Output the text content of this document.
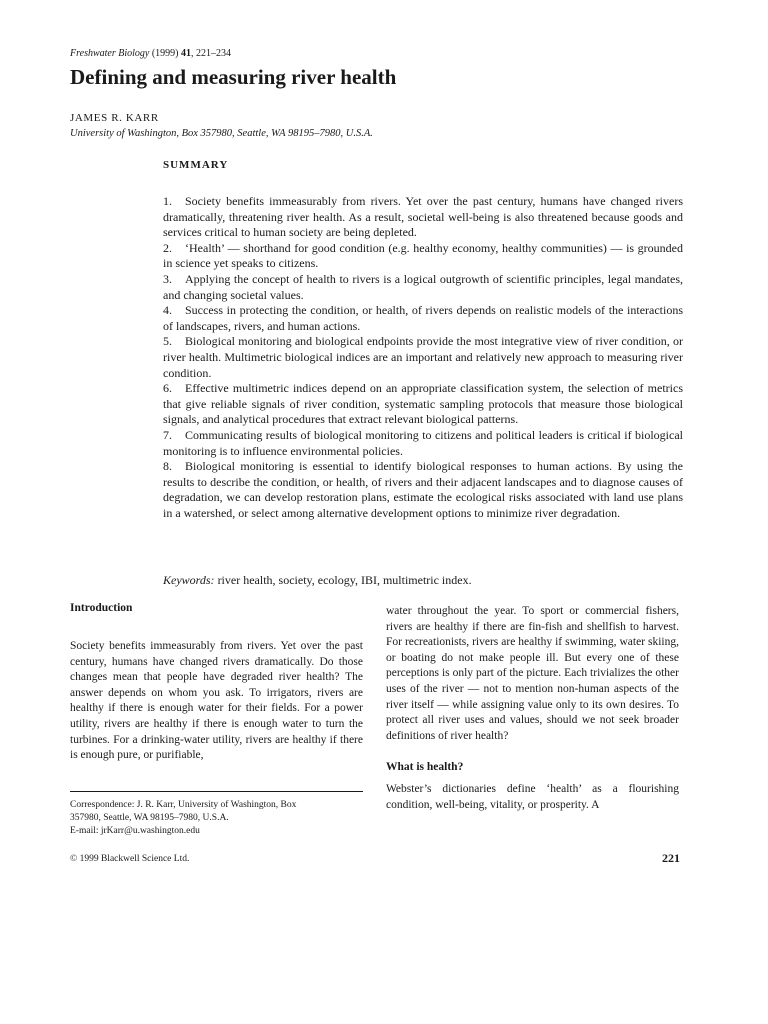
Freshwater Biology (1999) 41, 221–234
Defining and measuring river health
JAMES R. KARR
University of Washington, Box 357980, Seattle, WA 98195–7980, U.S.A.
SUMMARY

1. Society benefits immeasurably from rivers. Yet over the past century, humans have changed rivers dramatically, threatening river health. As a result, societal well-being is also threatened because goods and services critical to human society are being depleted.

2. ‘Health’ — shorthand for good condition (e.g. healthy economy, healthy communities) — is grounded in science yet speaks to citizens.

3. Applying the concept of health to rivers is a logical outgrowth of scientific principles, legal mandates, and changing societal values.

4. Success in protecting the condition, or health, of rivers depends on realistic models of the interactions of landscapes, rivers, and human actions.

5. Biological monitoring and biological endpoints provide the most integrative view of river condition, or river health. Multimetric biological indices are an important and relatively new approach to measuring river condition.

6. Effective multimetric indices depend on an appropriate classification system, the selection of metrics that give reliable signals of river condition, systematic sampling protocols that measure those biological signals, and analytical procedures that extract relevant biological patterns.

7. Communicating results of biological monitoring to citizens and political leaders is critical if biological monitoring is to influence environmental policies.

8. Biological monitoring is essential to identify biological responses to human actions. By using the results to describe the condition, or health, of rivers and their adjacent landscapes and to diagnose causes of degradation, we can develop restoration plans, estimate the ecological risks associated with land use plans in a watershed, or select among alternative development options to minimize river degradation.

Keywords: river health, society, ecology, IBI, multimetric index.
Introduction

Society benefits immeasurably from rivers. Yet over the past century, humans have changed rivers dramatically. Do those changes mean that people have degraded river health? The answer depends on whom you ask. To irrigators, rivers are healthy if there is enough water for their fields. For a power utility, rivers are healthy if there is enough water to turn the turbines. For a drinking-water utility, rivers are healthy if there is enough pure, or purifiable,

water throughout the year. To sport or commercial fishers, rivers are healthy if there are fin-fish and shellfish to harvest. For recreationists, rivers are healthy if swimming, water skiing, or boating do not make people ill. But every one of these perceptions is only part of the picture. Each trivializes the other uses of the river — not to mention non-human aspects of the river itself — while assigning value only to its own desires. To protect all river uses and values, should we not seek broader definitions of river health?

What is health?

Webster’s dictionaries define ‘health’ as a flourishing condition, well-being, vitality, or prosperity. A

Correspondence: J. R. Karr, University of Washington, Box
357980, Seattle, WA 98195–7980, U.S.A.
E-mail: jrKarr@u.washington.edu
© 1999 Blackwell Science Ltd.	221
